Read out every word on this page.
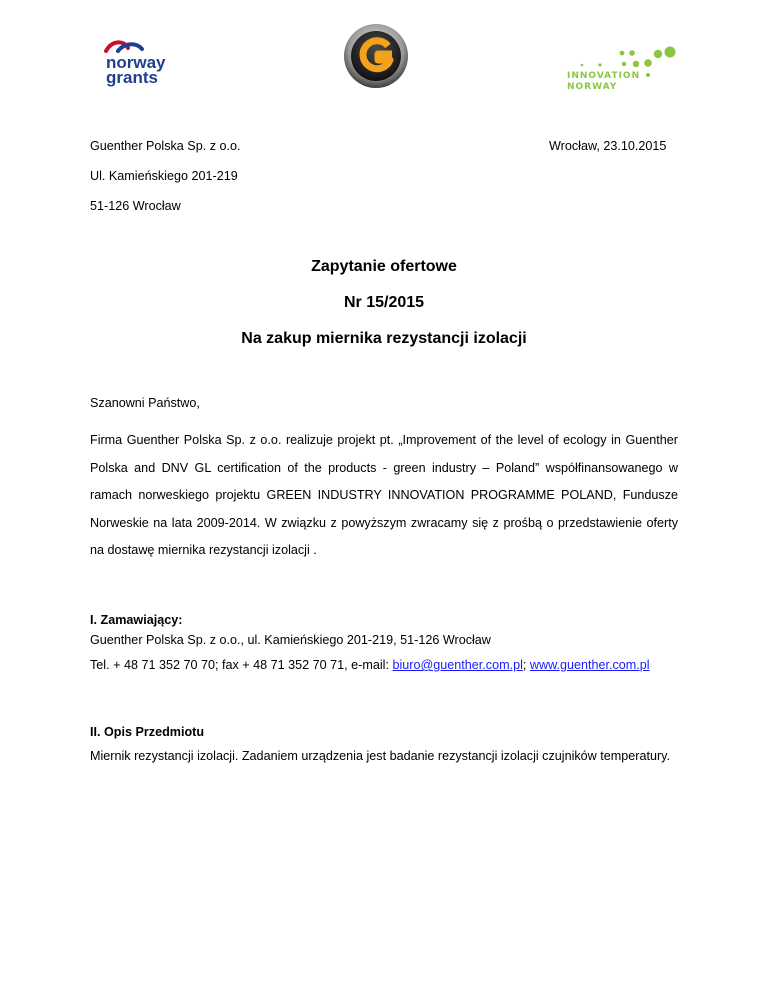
norway
grants	INNOVATION
NORWAY
Guenther Polska Sp. z o.o.	Wrocław, 23.10.2015
Ul. Kamieńskiego 201-219
51-126 Wrocław
Zapytanie ofertowe
Nr 15/2015
Na zakup miernika rezystancji izolacji
Szanowni Państwo,
Firma Guenther Polska Sp. z o.o. realizuje projekt pt. „Improvement of the level of ecology in Guenther Polska and DNV GL certification of the products - green industry – Poland” współfinansowanego w ramach norweskiego projektu GREEN INDUSTRY INNOVATION PROGRAMME POLAND, Fundusze Norweskie na lata 2009-2014. W związku z powyższym zwracamy się z prośbą o przedstawienie oferty na dostawę miernika rezystancji izolacji .
I. Zamawiający:
Guenther Polska Sp. z o.o., ul. Kamieńskiego 201-219, 51-126 Wrocław
Tel. + 48 71 352 70 70; fax + 48 71 352 70 71, e-mail: biuro@guenther.com.pl; www.guenther.com.pl
II. Opis Przedmiotu
Miernik rezystancji izolacji. Zadaniem urządzenia jest badanie rezystancji izolacji czujników temperatury.
